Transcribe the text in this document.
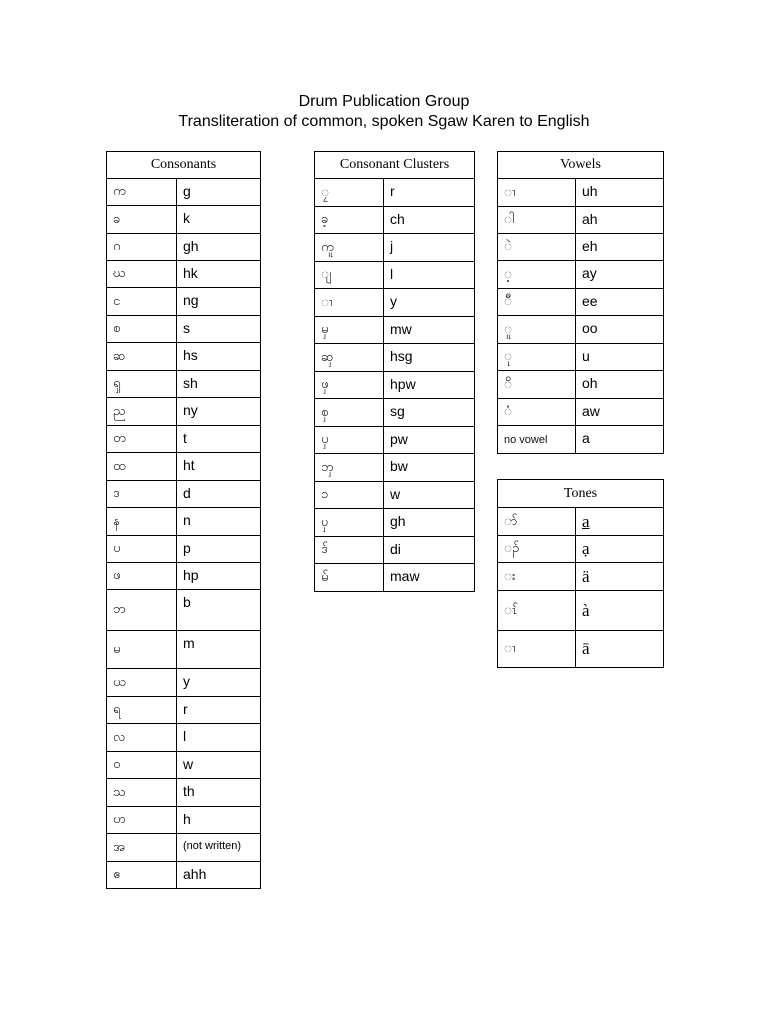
Drum Publication Group
Transliteration of common, spoken Sgaw Karen to English
Consonants	
က	g
ခ	k
ဂ	gh
ဃ	hk
င	ng
စ	s
ဆ	hs
ၡ	sh
ည	ny
တ	t
ထ	ht
ဒ	d
န	n
ပ	p
ဖ	hp
ဘ	b
မ	m
ယ	y
ရ	r
လ	l
ဝ	w
သ	th
ဟ	h
အ	(not written)
ဧ	ahh
Consonant Clusters	
ၠ	r
ခ့	ch
ကူ	j
ျ	l
ၢ	y
မှ	mw
ဆှ	hsg
ဖှ	hpw
စှ	sg
ပှ	pw
ဘှ	bw
ၥ	w
ၦ	gh
ဒ်	di
မ်	maw
Vowels	
ၢ	uh
ါ	ah
ဲ	eh
့	ay
ီ	ee
ူ	oo
ု	u
ိ	oh
ံ	aw
no vowel	a
Tones	
ာ်	a
ၣ်	ạ
း	ä
ၤ်	à
ၢ	ā
